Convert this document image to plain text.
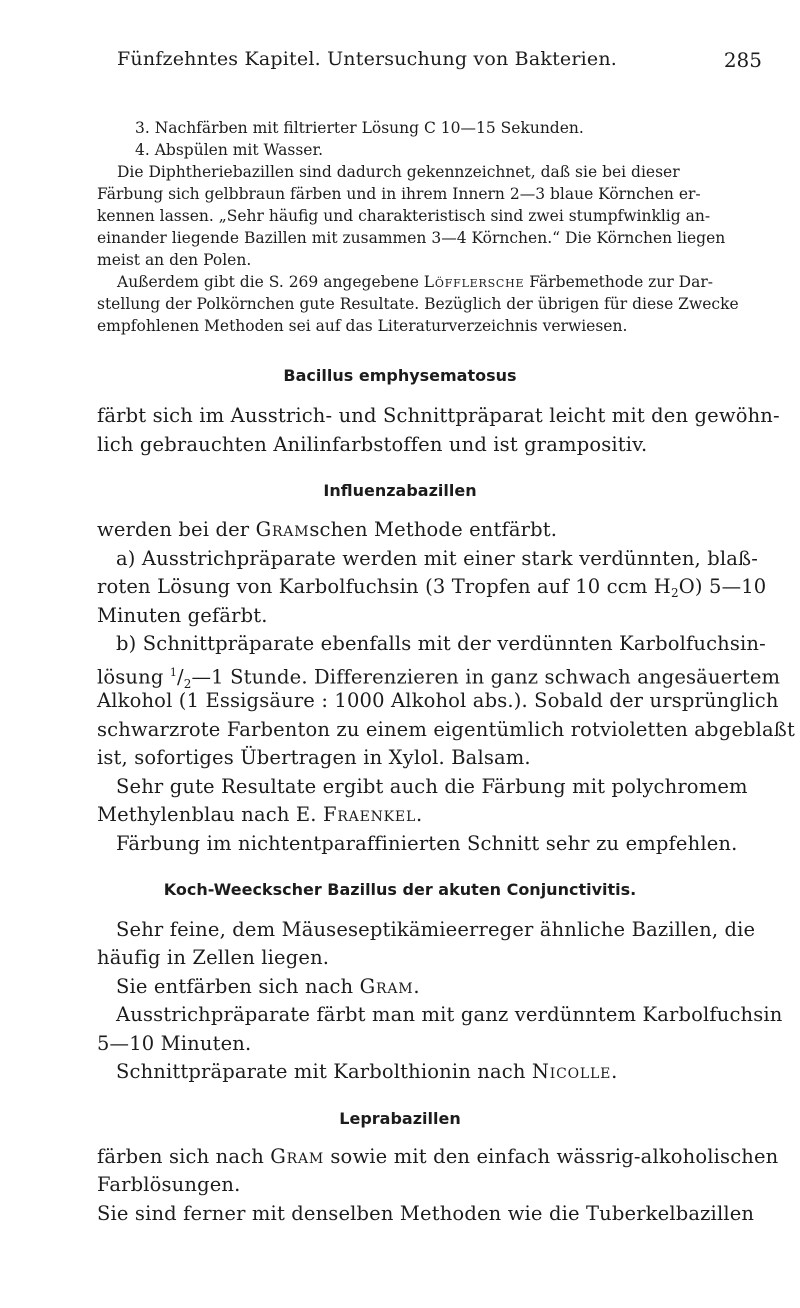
Fünfzehntes Kapitel. Untersuchung von Bakterien.	285
3. Nachfärben mit filtrierter Lösung C 10—15 Sekunden.
4. Abspülen mit Wasser.
Die Diphtheriebazillen sind dadurch gekennzeichnet, daß sie bei dieser
Färbung sich gelbbraun färben und in ihrem Innern 2—3 blaue Körnchen er-
kennen lassen. „Sehr häufig und charakteristisch sind zwei stumpfwinklig an-
einander liegende Bazillen mit zusammen 3—4 Körnchen.“ Die Körnchen liegen
meist an den Polen.
Außerdem gibt die S. 269 angegebene Löfflersche Färbemethode zur Dar-
stellung der Polkörnchen gute Resultate. Bezüglich der übrigen für diese Zwecke
empfohlenen Methoden sei auf das Literaturverzeichnis verwiesen.
Bacillus emphysematosus
färbt sich im Ausstrich- und Schnittpräparat leicht mit den gewöhn-
lich gebrauchten Anilinfarbstoffen und ist grampositiv.
Influenzabazillen
werden bei der Gramschen Methode entfärbt.
a) Ausstrichpräparate werden mit einer stark verdünnten, blaß-
roten Lösung von Karbolfuchsin (3 Tropfen auf 10 ccm $H_2O$) 5—10
Minuten gefärbt.
b) Schnittpräparate ebenfalls mit der verdünnten Karbolfuchsin-
lösung $^1/_2—1$ Stunde. Differenzieren in ganz schwach angesäuertem
Alkohol (1 Essigsäure : 1000 Alkohol abs.). Sobald der ursprünglich
schwarzrote Farbenton zu einem eigentümlich rotvioletten abgeblaßt
ist, sofortiges Übertragen in Xylol. Balsam.
Sehr gute Resultate ergibt auch die Färbung mit polychromem
Methylenblau nach E. Fraenkel.
Färbung im nichtentparaffinierten Schnitt sehr zu empfehlen.
Koch-Weeckscher Bazillus der akuten Conjunctivitis.
Sehr feine, dem Mäuseseptikämieerreger ähnliche Bazillen, die
häufig in Zellen liegen.
Sie entfärben sich nach Gram.
Ausstrichpräparate färbt man mit ganz verdünntem Karbolfuchsin
5—10 Minuten.
Schnittpräparate mit Karbolthionin nach Nicolle.
Leprabazillen
färben sich nach Gram sowie mit den einfach wässrig-alkoholischen
Farblösungen.
Sie sind ferner mit denselben Methoden wie die Tuberkelbazillen
